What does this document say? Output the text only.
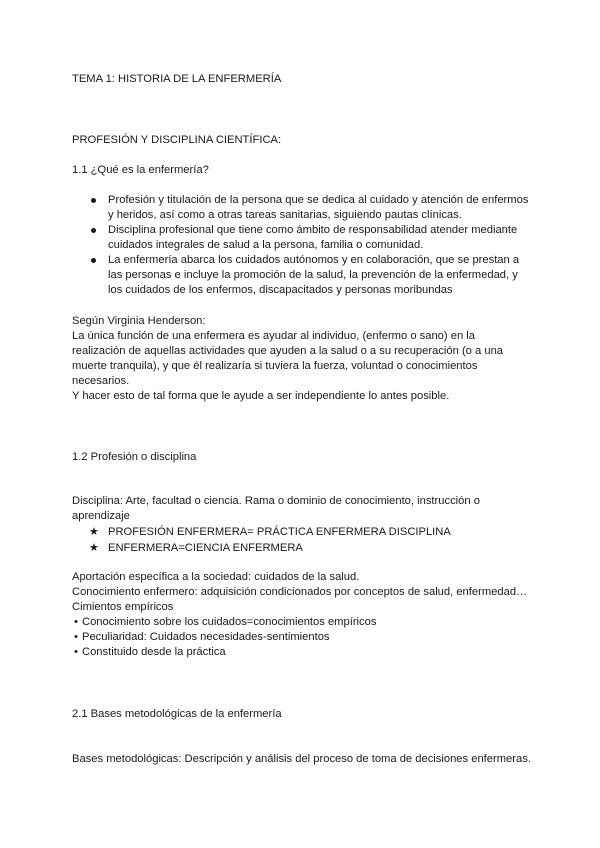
TEMA 1: HISTORIA DE LA ENFERMERÍA
PROFESIÓN Y DISCIPLINA CIENTÍFICA:
1.1 ¿Qué es la enfermería?
Profesión y titulación de la persona que se dedica al cuidado y atención de enfermos
y heridos, así como a otras tareas sanitarias, siguiendo pautas clínicas.
Disciplina profesional que tiene como ámbito de responsabilidad atender mediante
cuidados integrales de salud a la persona, familia o comunidad.
La enfermería abarca los cuidados autónomos y en colaboración, que se prestan a
las personas e incluye la promoción de la salud, la prevención de la enfermedad, y
los cuidados de los enfermos, discapacitados y personas moribundas
Según Virginia Henderson:
La única función de una enfermera es ayudar al individuo, (enfermo o sano) en la
realización de aquellas actividades que ayuden a la salud o a su recuperación (o a una
muerte tranquila), y que él realizaría si tuviera la fuerza, voluntad o conocimientos
necesarios.
Y hacer esto de tal forma que le ayude a ser independiente lo antes posible.
1.2 Profesión o disciplina
Disciplina: Arte, facultad o ciencia. Rama o dominio de conocimiento, instrucción o
aprendizaje
★ PROFESIÓN ENFERMERA= PRÁCTICA ENFERMERA DISCIPLINA
★ ENFERMERA=CIENCIA ENFERMERA
Aportación específica a la sociedad: cuidados de la salud.
Conocimiento enfermero: adquisición condicionados por conceptos de salud, enfermedad…
Cimientos empíricos
• Conocimiento sobre los cuidados=conocimientos empíricos
• Peculiaridad: Cuidados necesidades-sentimientos
• Constituido desde la práctica
2.1 Bases metodológicas de la enfermería
Bases metodológicas: Descripción y análisis del proceso de toma de decisiones enfermeras.
